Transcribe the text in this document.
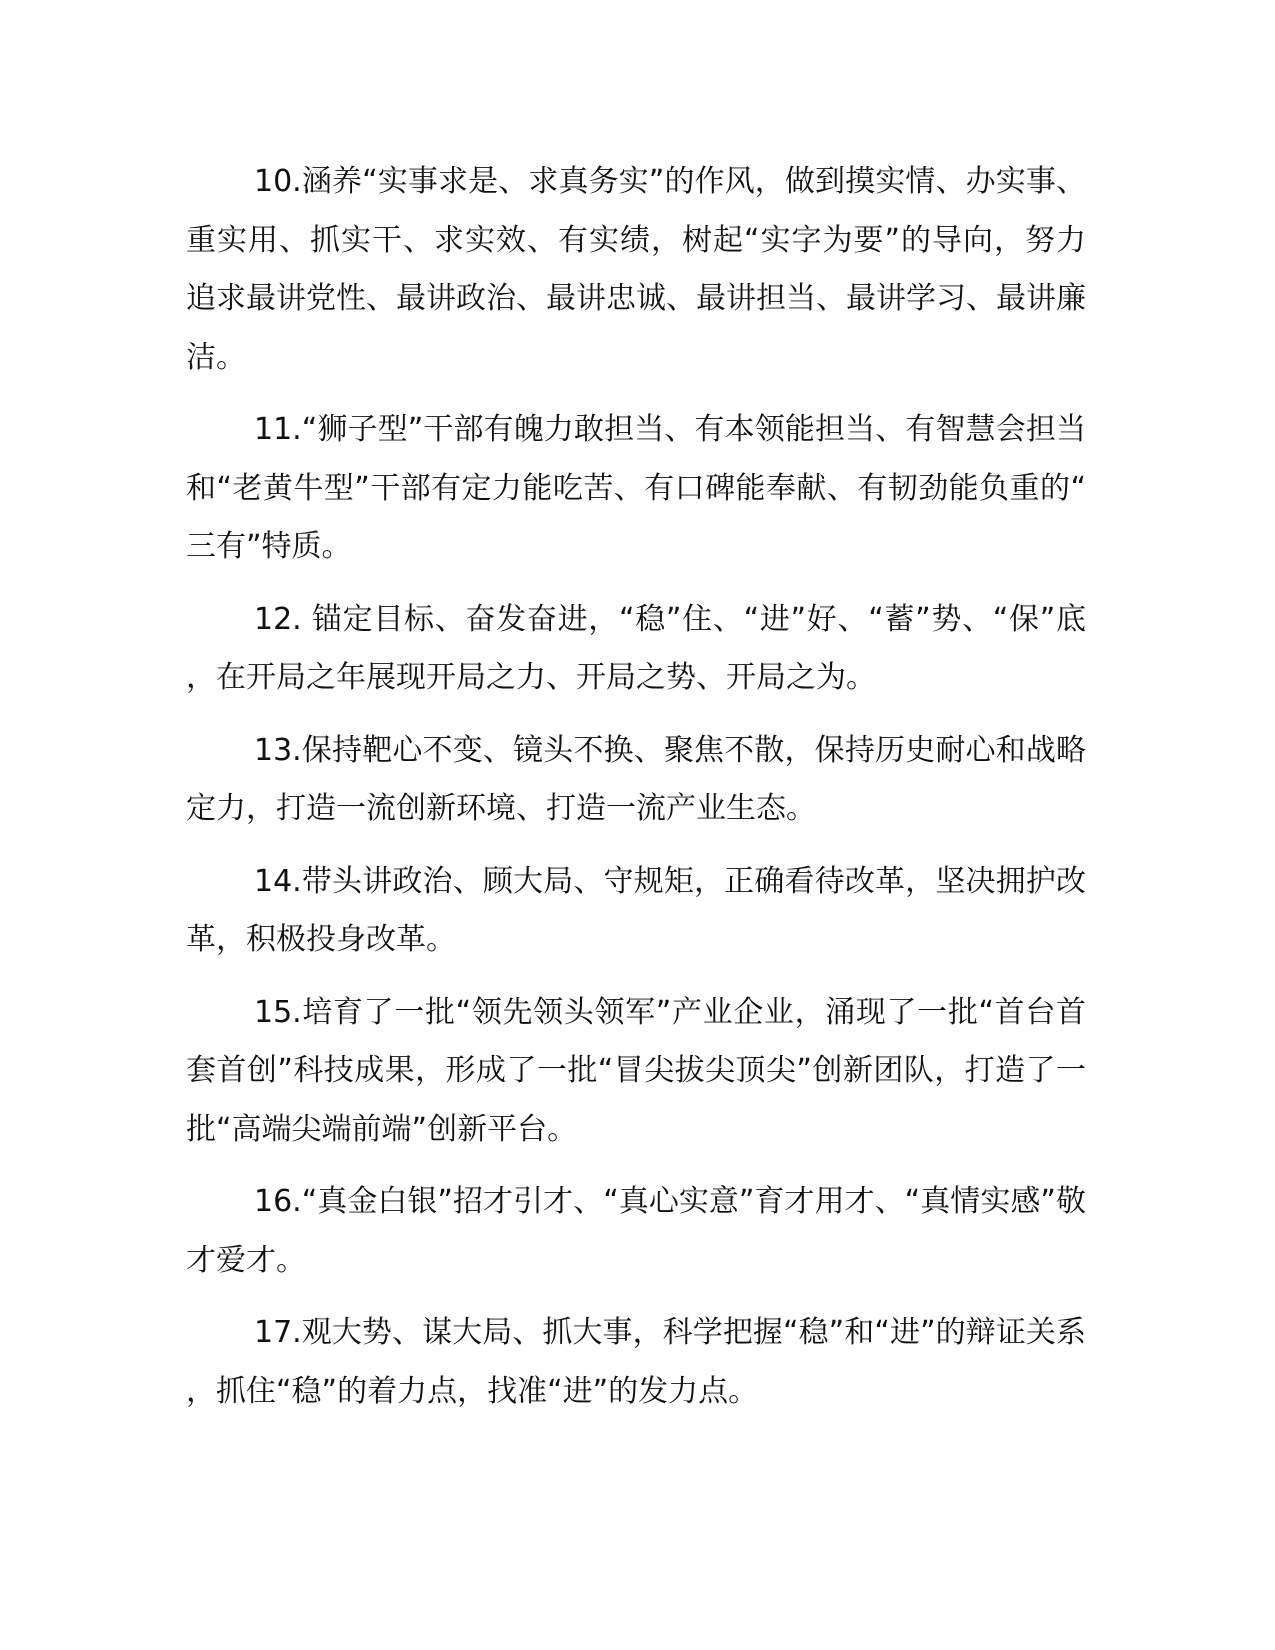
10.涵养“实事求是、求真务实”的作风，做到摸实情、办实事、重实用、抓实干、求实效、有实绩，树起“实字为要”的导向，努力追求最讲党性、最讲政治、最讲忠诚、最讲担当、最讲学习、最讲廉洁。

11.“狮子型”干部有魄力敢担当、有本领能担当、有智慧会担当和“老黄牛型”干部有定力能吃苦、有口碑能奉献、有韧劲能负重的“三有”特质。

12. 锚定目标、奋发奋进，“稳”住、“进”好、“蓄”势、“保”底，在开局之年展现开局之力、开局之势、开局之为。

13.保持靶心不变、镜头不换、聚焦不散，保持历史耐心和战略定力，打造一流创新环境、打造一流产业生态。

14.带头讲政治、顾大局、守规矩，正确看待改革，坚决拥护改革，积极投身改革。

15.培育了一批“领先领头领军”产业企业，涌现了一批“首台首套首创”科技成果，形成了一批“冒尖拔尖顶尖”创新团队，打造了一批“高端尖端前端”创新平台。

16.“真金白银”招才引才、“真心实意”育才用才、“真情实感”敬才爱才。

17.观大势、谋大局、抓大事，科学把握“稳”和“进”的辩证关系，抓住“稳”的着力点，找准“进”的发力点。
